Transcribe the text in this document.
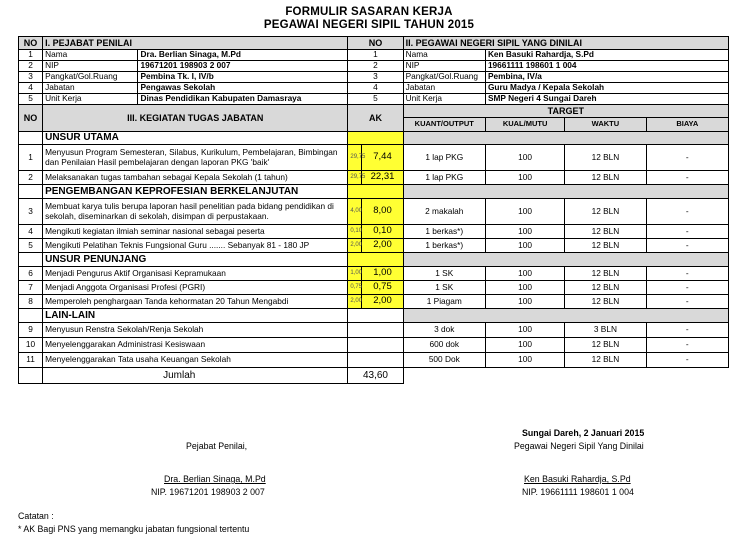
FORMULIR SASARAN KERJA
PEGAWAI NEGERI SIPIL TAHUN 2015
NO	I. PEJABAT PENILAI		NO		II. PEGAWAI NEGERI SIPIL YANG DINILAI			
1	Nama	Dra. Berlian Sinaga, M.Pd	1		Nama	Ken Basuki Rahardja, S.Pd		
2	NIP	19671201 198903 2 007	2		NIP	19661111 198601 1 004		
3	Pangkat/Gol.Ruang	Pembina Tk. I, IV/b	3		Pangkat/Gol.Ruang	Pembina, IV/a		
4	Jabatan	Pengawas Sekolah	4		Jabatan	Guru Madya / Kepala Sekolah		
5	Unit Kerja	Dinas Pendidikan Kabupaten Damasraya	5		Unit Kerja	SMP Negeri 4 Sungai Dareh		
NO	III. KEGIATAN TUGAS JABATAN		AK		TARGET			
					KUANT/OUTPUT	KUAL/MUTU	WAKTU	BIAYA
	UNSUR UTAMA							
1	Menyusun Program Semesteran, Silabus, Kurikulum, Pembelajaran, Bimbingan dan Penilaian Hasil pembelajaran dengan laporan PKG 'baik'		29,75	7,44	1 lap PKG	100	12 BLN	-
2	Melaksanakan tugas tambahan sebagai Kepala Sekolah (1 tahun)		29,75	22,31	1 lap PKG	100	12 BLN	-
	PENGEMBANGAN KEPROFESIAN BERKELANJUTAN							
3	Membuat karya tulis berupa laporan hasil penelitian pada bidang pendidikan di sekolah, diseminarkan di sekolah, disimpan di perpustakaan.		4,00	8,00	2 makalah	100	12 BLN	-
4	Mengikuti kegiatan ilmiah seminar nasional sebagai peserta		0,10	0,10	1 berkas*)	100	12 BLN	-
5	Mengikuti Pelatihan Teknis Fungsional Guru ....... Sebanyak 81 - 180 JP		2,00	2,00	1 berkas*)	100	12 BLN	-
	UNSUR PENUNJANG							
6	Menjadi Pengurus Aktif Organisasi Kepramukaan		1,00	1,00	1 SK	100	12 BLN	-
7	Menjadi Anggota Organisasi Profesi (PGRI)		0,75	0,75	1 SK	100	12 BLN	-
8	Memperoleh penghargaan Tanda kehormatan 20 Tahun Mengabdi		2,00	2,00	1 Piagam	100	12 BLN	-
	LAIN-LAIN							
9	Menyusun Renstra Sekolah/Renja Sekolah				3 dok	100	3 BLN	-
10	Menyelenggarakan Administrasi Kesiswaan				600 dok	100	12 BLN	-
11	Menyelenggarakan Tata usaha Keuangan Sekolah				500 Dok	100	12 BLN	-
	Jumlah		43,60					
Sungai Dareh, 2 Januari 2015
Pejabat Penilai,	Pegawai Negeri Sipil Yang Dinilai
Dra. Berlian Sinaga, M.Pd
NIP. 19671201 198903 2 007
Ken Basuki Rahardja, S.Pd
NIP. 19661111 198601 1 004
Catatan :
* AK Bagi PNS yang memangku jabatan fungsional tertentu
